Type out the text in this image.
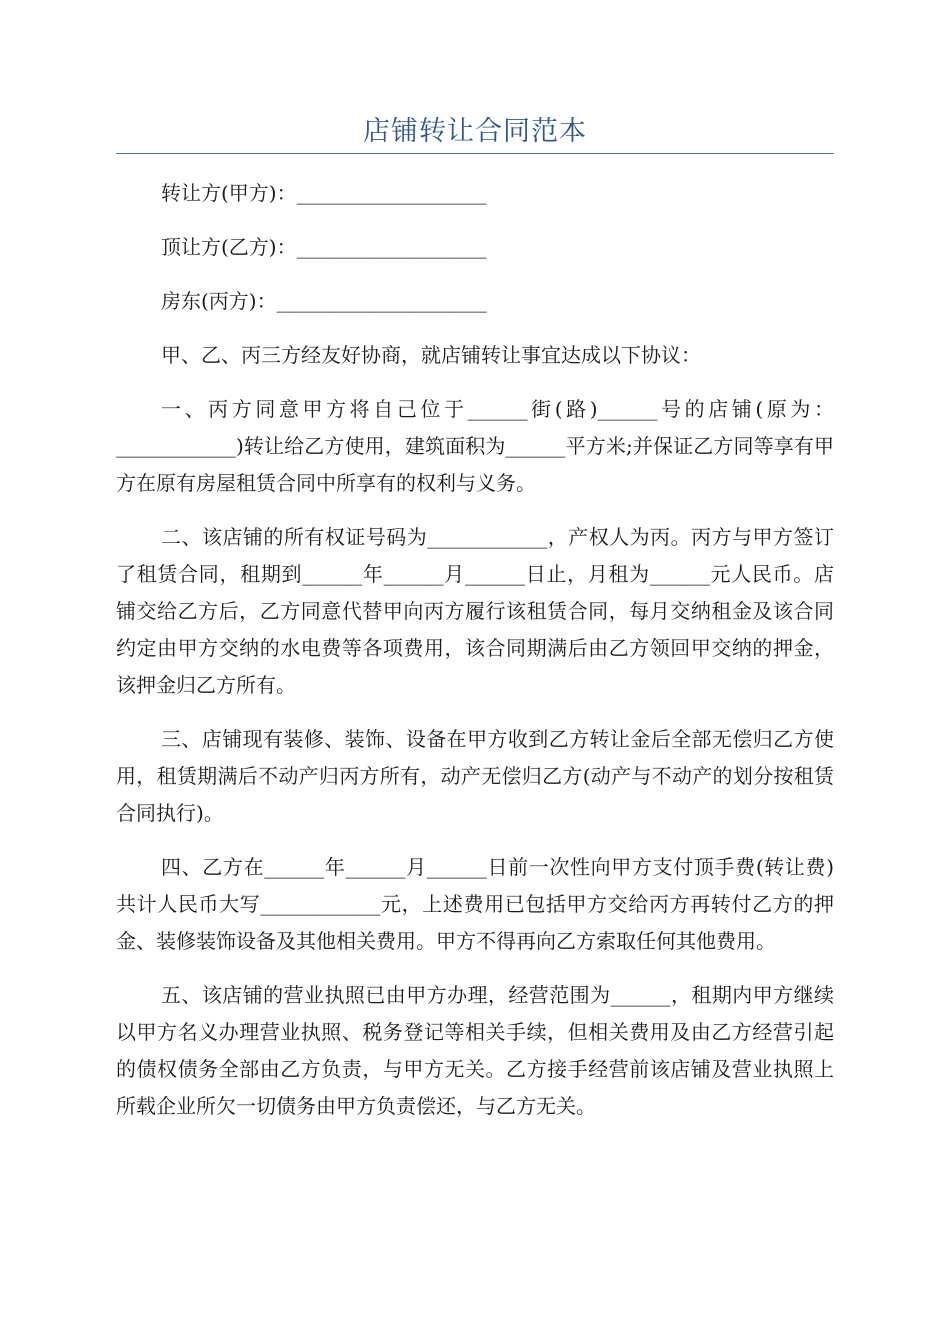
店铺转让合同范本

转让方(甲方)：___________________

顶让方(乙方)：___________________

房东(丙方)：_____________________

甲、乙、丙三方经友好协商，就店铺转让事宜达成以下协议：

一、丙方同意甲方将自己位于______街(路)______号的店铺(原为：____________)转让给乙方使用，建筑面积为______平方米;并保证乙方同等享有甲方在原有房屋租赁合同中所享有的权利与义务。

二、该店铺的所有权证号码为____________，产权人为丙。丙方与甲方签订了租赁合同，租期到______年______月______日止，月租为______元人民币。店铺交给乙方后，乙方同意代替甲向丙方履行该租赁合同，每月交纳租金及该合同约定由甲方交纳的水电费等各项费用，该合同期满后由乙方领回甲交纳的押金，该押金归乙方所有。

三、店铺现有装修、装饰、设备在甲方收到乙方转让金后全部无偿归乙方使用，租赁期满后不动产归丙方所有，动产无偿归乙方(动产与不动产的划分按租赁合同执行)。

四、乙方在______年______月______日前一次性向甲方支付顶手费(转让费)共计人民币大写____________元，上述费用已包括甲方交给丙方再转付乙方的押金、装修装饰设备及其他相关费用。甲方不得再向乙方索取任何其他费用。

五、该店铺的营业执照已由甲方办理，经营范围为______，租期内甲方继续以甲方名义办理营业执照、税务登记等相关手续，但相关费用及由乙方经营引起的债权债务全部由乙方负责，与甲方无关。乙方接手经营前该店铺及营业执照上所载企业所欠一切债务由甲方负责偿还，与乙方无关。
